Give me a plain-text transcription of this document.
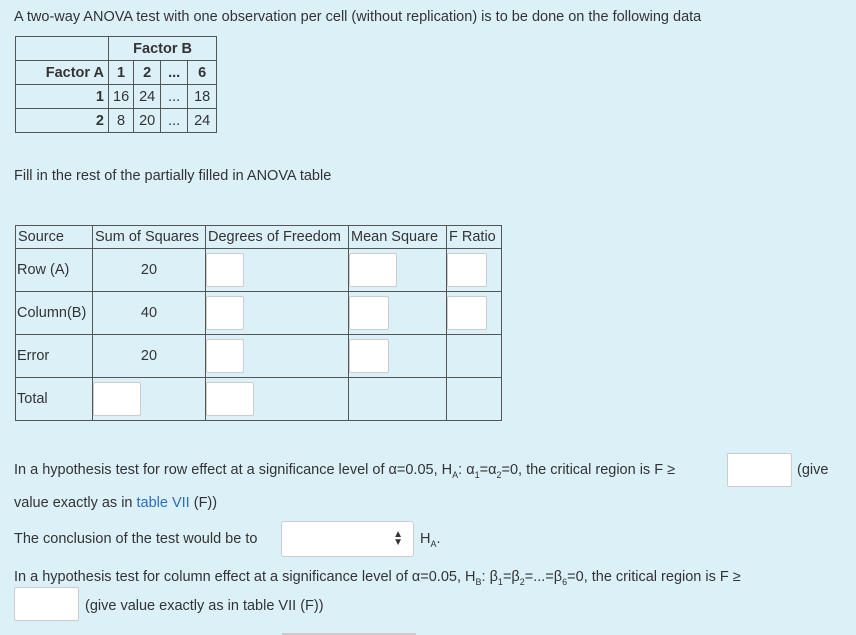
A two-way ANOVA test with one observation per cell (without replication) is to be done on the following data
	Factor B			
Factor A	1	2	...	6
1	16	24	...	18
2	8	20	...	24
Fill in the rest of the partially filled in ANOVA table
Source	Sum of Squares	Degrees of Freedom	Mean Square	F Ratio
Row (A)	20			
Column(B)	40			
Error	20			
Total				
In a hypothesis test for row effect at a significance level of α=0.05, $H_A$: $\alpha_1=\alpha_2=0$, the critical region is F ≥	(give
value exactly as in table VII (F))
The conclusion of the test would be to	▲
▼ $H_A$.
In a hypothesis test for column effect at a significance level of α=0.05, $H_B$: $\beta_1=\beta_2=...=\beta_6=0$, the critical region is F ≥
(give value exactly as in table VII (F))
